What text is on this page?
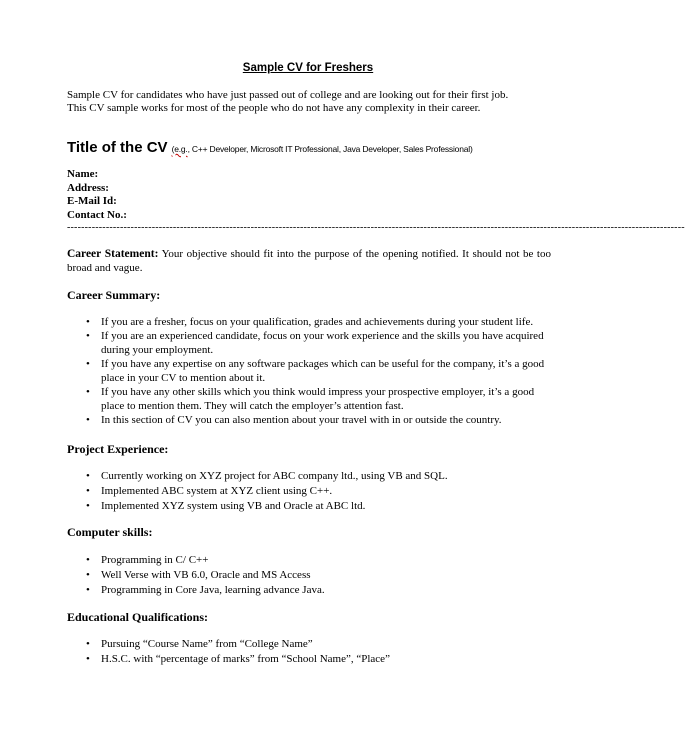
Sample CV for Freshers
Sample CV for candidates who have just passed out of college and are looking out for their first job.
This CV sample works for most of the people who do not have any complexity in their career.
Title of the CV (e.g., C++ Developer, Microsoft IT Professional, Java Developer, Sales Professional)
Name:
Address:
E-Mail Id:
Contact No.:
-------------------------------------------------------------------------------------------------------------------------------------------------------------------------------
Career Statement: Your objective should fit into the purpose of the opening notified. It should not be too broad and vague.
Career Summary:
• If you are a fresher, focus on your qualification, grades and achievements during your student life.
• If you are an experienced candidate, focus on your work experience and the skills you have acquired during your employment.
• If you have any expertise on any software packages which can be useful for the company, it’s a good place in your CV to mention about it.
• If you have any other skills which you think would impress your prospective employer, it’s a good place to mention them. They will catch the employer’s attention fast.
• In this section of CV you can also mention about your travel with in or outside the country.
Project Experience:
• Currently working on XYZ project for ABC company ltd., using VB and SQL.
• Implemented ABC system at XYZ client using C++.
• Implemented XYZ system using VB and Oracle at ABC ltd.
Computer skills:
• Programming in C/ C++
• Well Verse with VB 6.0, Oracle and MS Access
• Programming in Core Java, learning advance Java.
Educational Qualifications:
• Pursuing “Course Name” from “College Name”
• H.S.C. with “percentage of marks” from “School Name”, “Place”
